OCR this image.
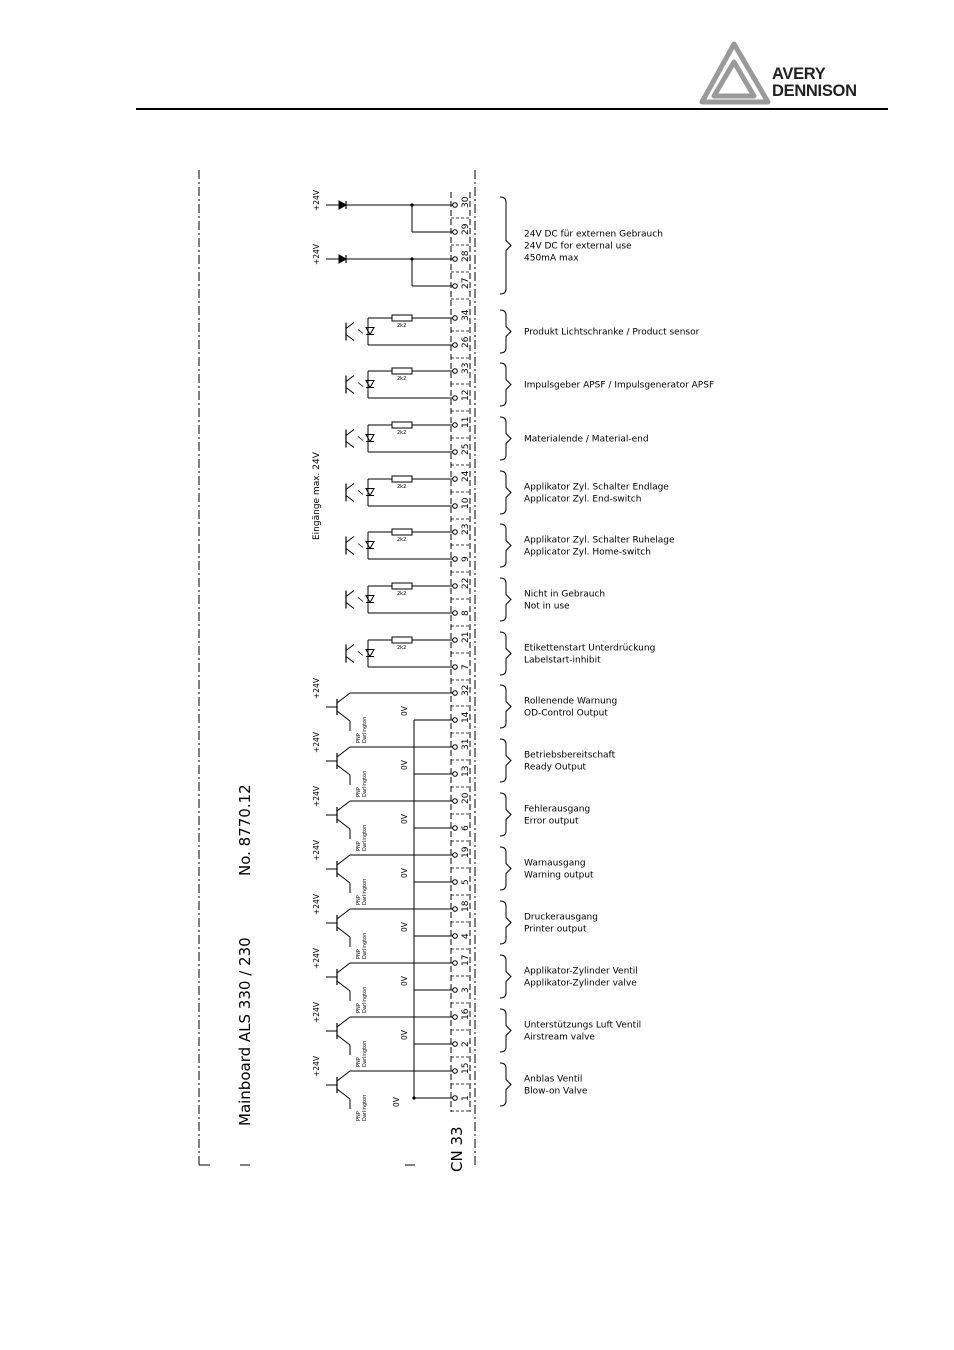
AVERY
DENNISON
Mainboard ALS 330 / 230
No. 8770.12
CN 33
Eingänge max. 24V
30
29
28
27
+24V
+24V
34
26
2k2
33
12
2k2
11
25
2k2
24
10
2k2
23
9
2k2
22
8
2k2
21
7
2k2
32
14
+24V
PNP Darlington
0V
31
13
+24V
PNP Darlington
0V
20
6
+24V
PNP Darlington
0V
19
5
+24V
PNP Darlington
0V
18
4
+24V
PNP Darlington
0V
17
3
+24V
PNP Darlington
0V
16
2
+24V
PNP Darlington
0V
15
1
+24V
PNP Darlington	0V
24V DC für externen Gebrauch
24V DC for external use
450mA max
Produkt Lichtschranke / Product sensor
Impulsgeber APSF / Impulsgenerator APSF
Materialende / Material-end
Applikator Zyl. Schalter Endlage
Applicator Zyl. End-switch
Applikator Zyl. Schalter Ruhelage
Applicator Zyl. Home-switch
Nicht in Gebrauch
Not in use
Etikettenstart Unterdrückung
Labelstart-inhibit
Rollenende Warnung
OD-Control Output
Betriebsbereitschaft
Ready Output
Fehlerausgang
Error output
Warnausgang
Warning output
Druckerausgang
Printer output
Applikator-Zylinder Ventil
Applikator-Zylinder valve
Unterstützungs Luft Ventil
Airstream valve
Anblas Ventil
Blow-on Valve
